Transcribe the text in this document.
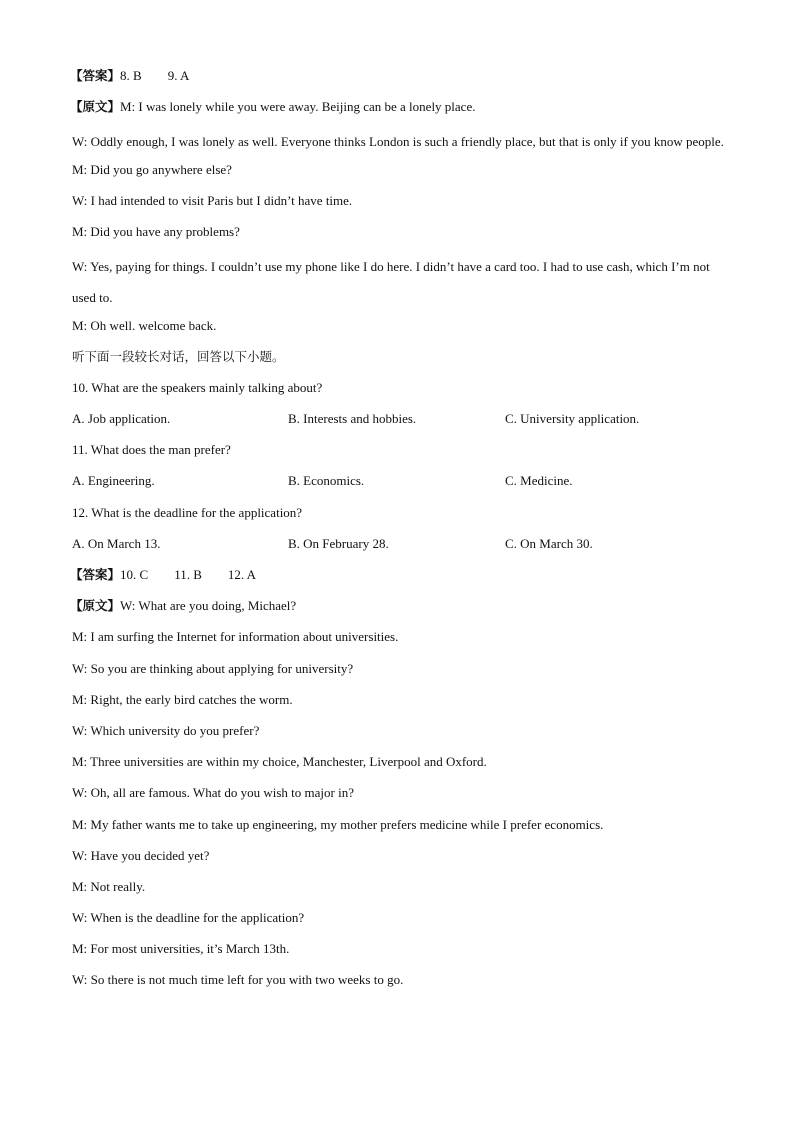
【答案】8. B 9. A
【原文】M: I was lonely while you were away. Beijing can be a lonely place.
W: Oddly enough, I was lonely as well. Everyone thinks London is such a friendly place, but that is only if you know people.
M: Did you go anywhere else?
W: I had intended to visit Paris but I didn’t have time.
M: Did you have any problems?
W: Yes, paying for things. I couldn’t use my phone like I do here. I didn’t have a card too. I had to use cash, which I’m not used to.
M: Oh well. welcome back.
听下面一段较长对话，回答以下小题。
10. What are the speakers mainly talking about?
A. Job application.	B. Interests and hobbies.	C. University application.
11. What does the man prefer?
A. Engineering.	B. Economics.	C. Medicine.
12. What is the deadline for the application?
A. On March 13.	B. On February 28.	C. On March 30.
【答案】10. C 11. B 12. A
【原文】W: What are you doing, Michael?
M: I am surfing the Internet for information about universities.
W: So you are thinking about applying for university?
M: Right, the early bird catches the worm.
W: Which university do you prefer?
M: Three universities are within my choice, Manchester, Liverpool and Oxford.
W: Oh, all are famous. What do you wish to major in?
M: My father wants me to take up engineering, my mother prefers medicine while I prefer economics.
W: Have you decided yet?
M: Not really.
W: When is the deadline for the application?
M: For most universities, it’s March 13th.
W: So there is not much time left for you with two weeks to go.
